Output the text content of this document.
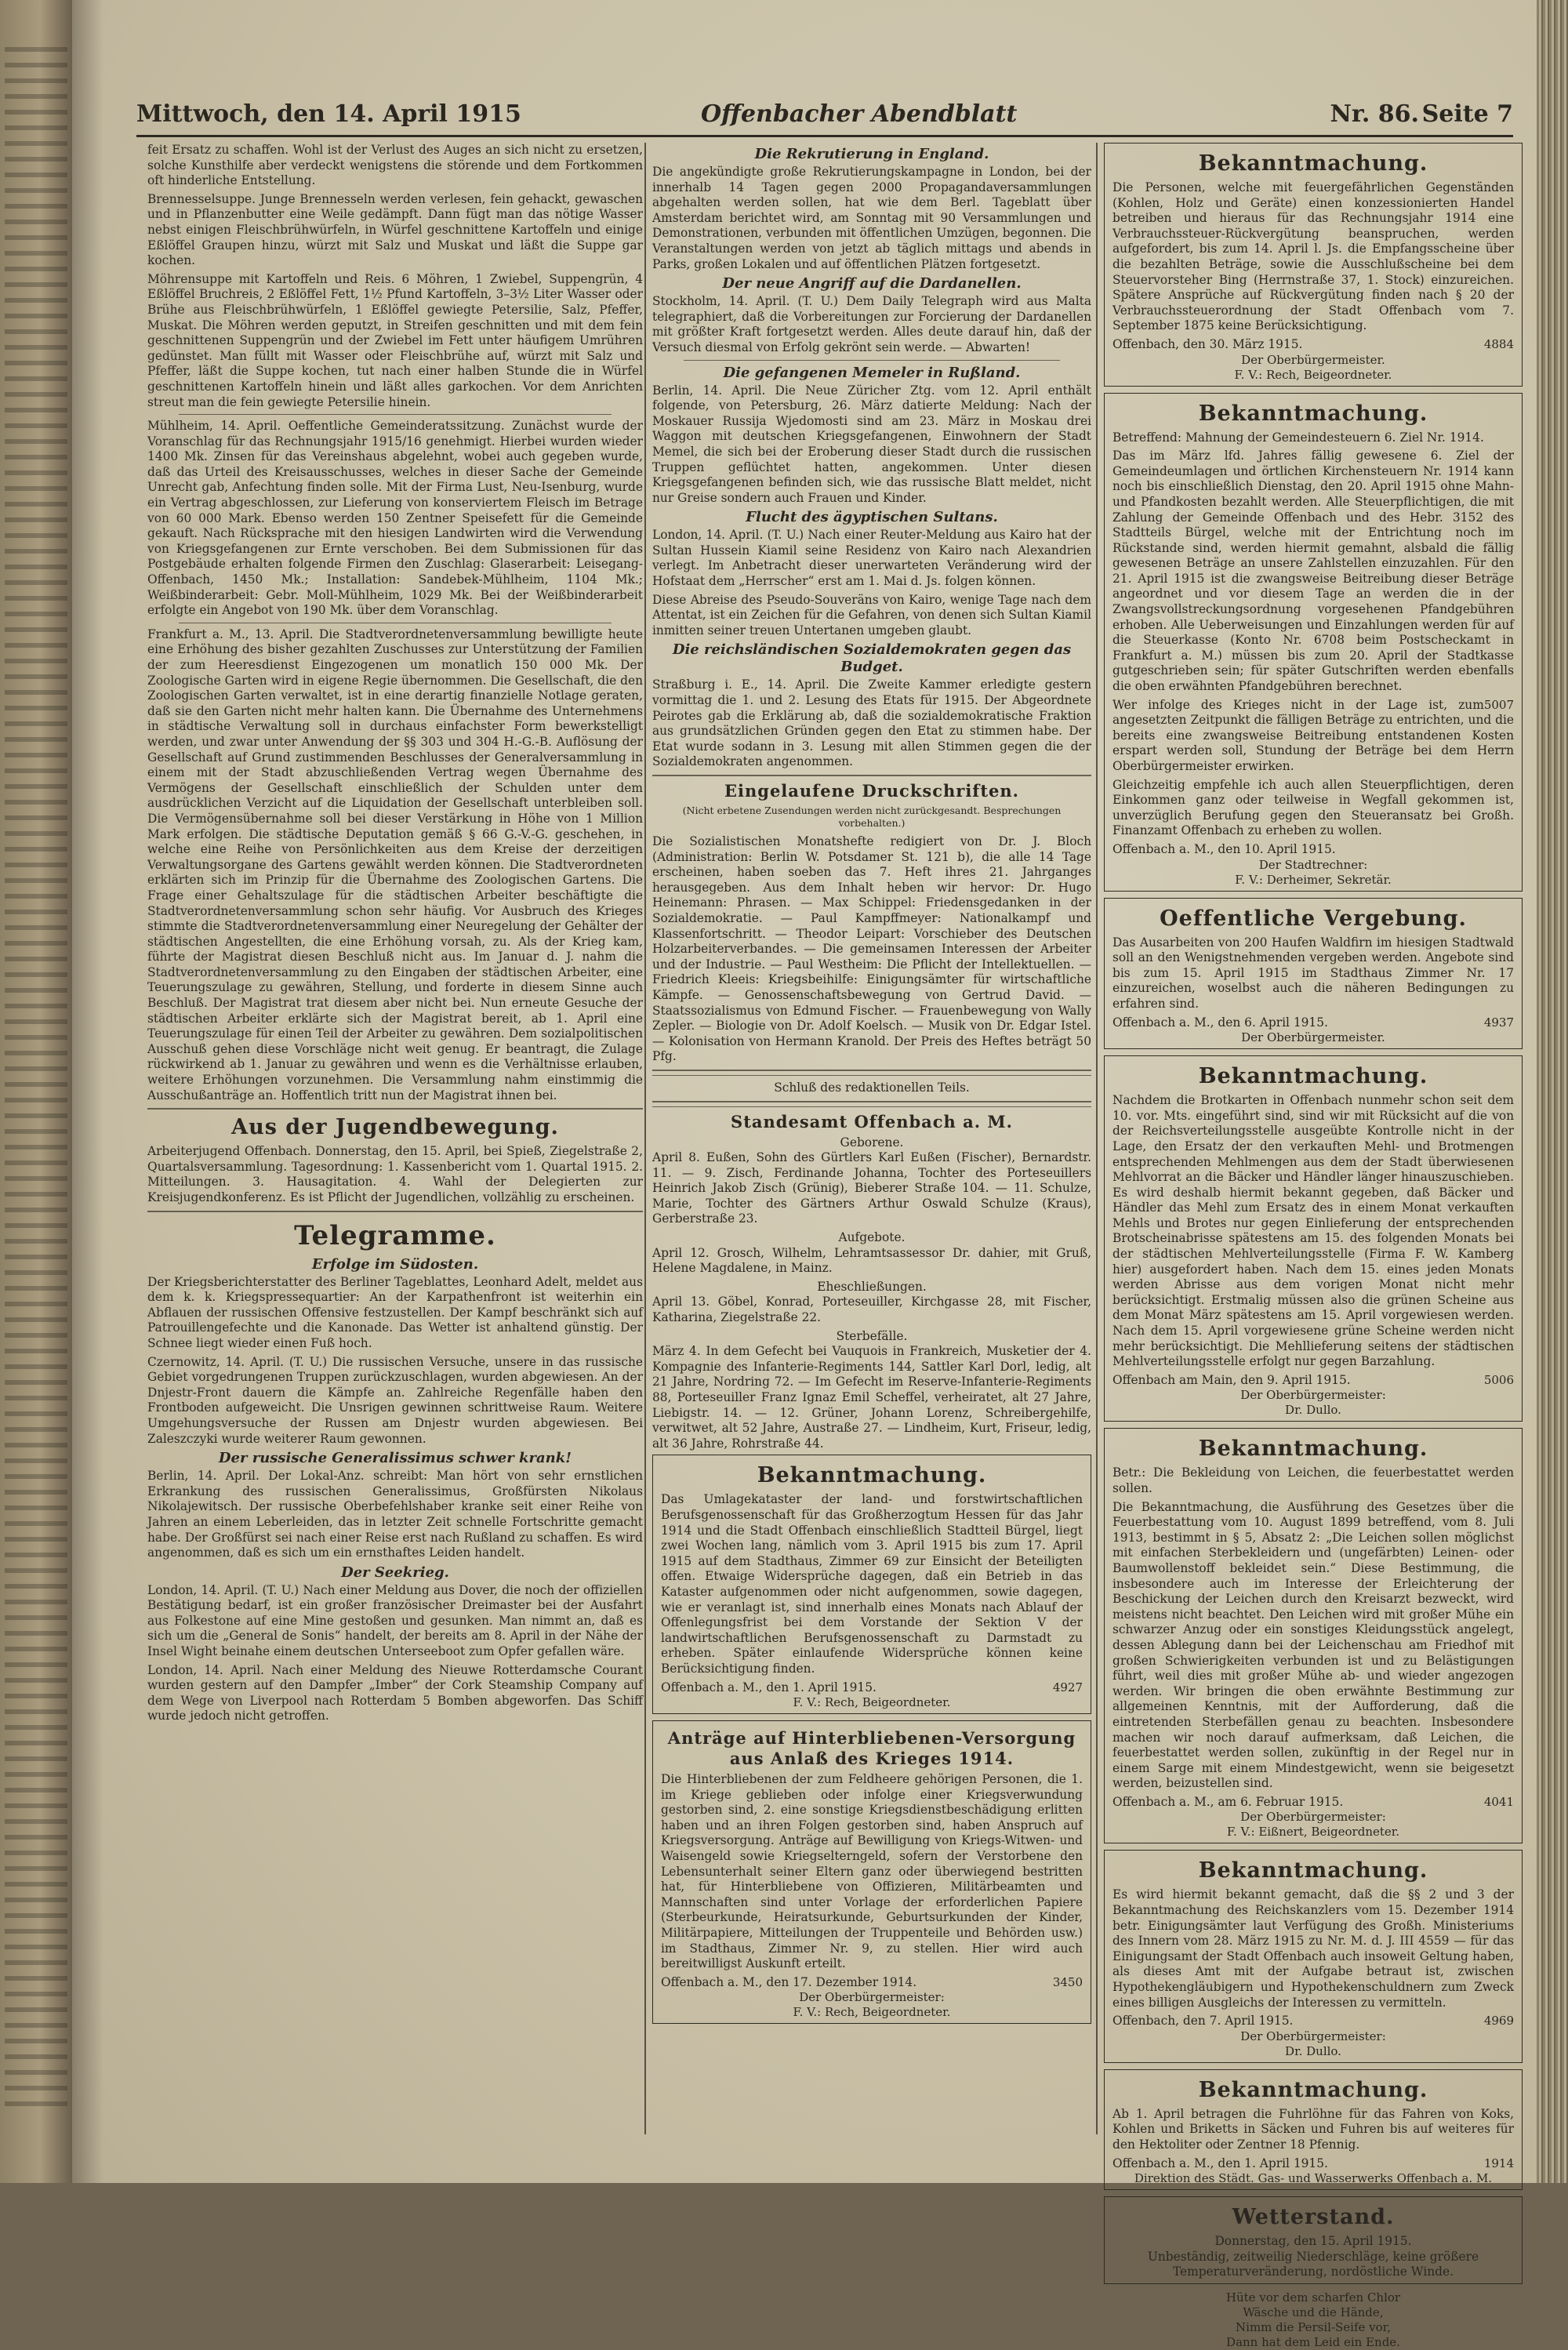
Mittwoch, den 14. April 1915	Offenbacher Abendblatt	Nr. 86. Seite 7

feit Ersatz zu schaffen. Wohl ist der Verlust des Auges an sich nicht zu ersetzen, solche Kunsthilfe aber verdeckt wenigstens die störende und dem Fortkommen oft hinderliche Entstellung.

Brennesselsuppe. Junge Brennesseln werden verlesen, fein gehackt, gewaschen und in Pflanzenbutter eine Weile gedämpft. Dann fügt man das nötige Wasser nebst einigen Fleischbrühwürfeln, in Würfel geschnittene Kartoffeln und einige Eßlöffel Graupen hinzu, würzt mit Salz und Muskat und läßt die Suppe gar kochen.

Möhrensuppe mit Kartoffeln und Reis. 6 Möhren, 1 Zwiebel, Suppengrün, 4 Eßlöffel Bruchreis, 2 Eßlöffel Fett, 1½ Pfund Kartoffeln, 3–3½ Liter Wasser oder Brühe aus Fleischbrühwürfeln, 1 Eßlöffel gewiegte Petersilie, Salz, Pfeffer, Muskat. Die Möhren werden geputzt, in Streifen geschnitten und mit dem fein geschnittenen Suppengrün und der Zwiebel im Fett unter häufigem Umrühren gedünstet. Man füllt mit Wasser oder Fleischbrühe auf, würzt mit Salz und Pfeffer, läßt die Suppe kochen, tut nach einer halben Stunde die in Würfel geschnittenen Kartoffeln hinein und läßt alles garkochen. Vor dem Anrichten streut man die fein gewiegte Petersilie hinein.

Mühlheim, 14. April. Oeffentliche Gemeinderatssitzung. Zunächst wurde der Voranschlag für das Rechnungsjahr 1915/16 genehmigt. Hierbei wurden wieder 1400 Mk. Zinsen für das Vereinshaus abgelehnt, wobei auch gegeben wurde, daß das Urteil des Kreisausschusses, welches in dieser Sache der Gemeinde Unrecht gab, Anfechtung finden solle. Mit der Firma Lust, Neu-Isenburg, wurde ein Vertrag abgeschlossen, zur Lieferung von konserviertem Fleisch im Betrage von 60 000 Mark. Ebenso werden 150 Zentner Speisefett für die Gemeinde gekauft. Nach Rücksprache mit den hiesigen Landwirten wird die Verwendung von Kriegsgefangenen zur Ernte verschoben. Bei dem Submissionen für das Postgebäude erhalten folgende Firmen den Zuschlag: Glaserarbeit: Leisegang-Offenbach, 1450 Mk.; Installation: Sandebek-Mühlheim, 1104 Mk.; Weißbinderarbeit: Gebr. Moll-Mühlheim, 1029 Mk. Bei der Weißbinderarbeit erfolgte ein Angebot von 190 Mk. über dem Voranschlag.

Frankfurt a. M., 13. April. Die Stadtverordnetenversammlung bewilligte heute eine Erhöhung des bisher gezahlten Zuschusses zur Unterstützung der Familien der zum Heeresdienst Eingezogenen um monatlich 150 000 Mk. Der Zoologische Garten wird in eigene Regie übernommen. Die Gesellschaft, die den Zoologischen Garten verwaltet, ist in eine derartig finanzielle Notlage geraten, daß sie den Garten nicht mehr halten kann. Die Übernahme des Unternehmens in städtische Verwaltung soll in durchaus einfachster Form bewerkstelligt werden, und zwar unter Anwendung der §§ 303 und 304 H.-G.-B. Auflösung der Gesellschaft auf Grund zustimmenden Beschlusses der Generalversammlung in einem mit der Stadt abzuschließenden Vertrag wegen Übernahme des Vermögens der Gesellschaft einschließlich der Schulden unter dem ausdrücklichen Verzicht auf die Liquidation der Gesellschaft unterbleiben soll. Die Vermögensübernahme soll bei dieser Verstärkung in Höhe von 1 Million Mark erfolgen. Die städtische Deputation gemäß § 66 G.-V.-G. geschehen, in welche eine Reihe von Persönlichkeiten aus dem Kreise der derzeitigen Verwaltungsorgane des Gartens gewählt werden können. Die Stadtverordneten erklärten sich im Prinzip für die Übernahme des Zoologischen Gartens. Die Frage einer Gehaltszulage für die städtischen Arbeiter beschäftigte die Stadtverordnetenversammlung schon sehr häufig. Vor Ausbruch des Krieges stimmte die Stadtverordnetenversammlung einer Neuregelung der Gehälter der städtischen Angestellten, die eine Erhöhung vorsah, zu. Als der Krieg kam, führte der Magistrat diesen Beschluß nicht aus. Im Januar d. J. nahm die Stadtverordnetenversammlung zu den Eingaben der städtischen Arbeiter, eine Teuerungszulage zu gewähren, Stellung, und forderte in diesem Sinne auch Beschluß. Der Magistrat trat diesem aber nicht bei. Nun erneute Gesuche der städtischen Arbeiter erklärte sich der Magistrat bereit, ab 1. April eine Teuerungszulage für einen Teil der Arbeiter zu gewähren. Dem sozialpolitischen Ausschuß gehen diese Vorschläge nicht weit genug. Er beantragt, die Zulage rückwirkend ab 1. Januar zu gewähren und wenn es die Verhältnisse erlauben, weitere Erhöhungen vorzunehmen. Die Versammlung nahm einstimmig die Ausschußanträge an. Hoffentlich tritt nun der Magistrat ihnen bei.

Aus der Jugendbewegung.

Arbeiterjugend Offenbach. Donnerstag, den 15. April, bei Spieß, Ziegelstraße 2, Quartalsversammlung. Tagesordnung: 1. Kassenbericht vom 1. Quartal 1915. 2. Mitteilungen. 3. Hausagitation. 4. Wahl der Delegierten zur Kreisjugendkonferenz. Es ist Pflicht der Jugendlichen, vollzählig zu erscheinen.

Telegramme.
Erfolge im Südosten.

Der Kriegsberichterstatter des Berliner Tageblattes, Leonhard Adelt, meldet aus dem k. k. Kriegspressequartier: An der Karpathenfront ist weiterhin ein Abflauen der russischen Offensive festzustellen. Der Kampf beschränkt sich auf Patrouillengefechte und die Kanonade. Das Wetter ist anhaltend günstig. Der Schnee liegt wieder einen Fuß hoch.

Czernowitz, 14. April. (T. U.) Die russischen Versuche, unsere in das russische Gebiet vorgedrungenen Truppen zurückzuschlagen, wurden abgewiesen. An der Dnjestr-Front dauern die Kämpfe an. Zahlreiche Regenfälle haben den Frontboden aufgeweicht. Die Unsrigen gewinnen schrittweise Raum. Weitere Umgehungsversuche der Russen am Dnjestr wurden abgewiesen. Bei Zaleszczyki wurde weiterer Raum gewonnen.

Der russische Generalissimus schwer krank!

Berlin, 14. April. Der Lokal-Anz. schreibt: Man hört von sehr ernstlichen Erkrankung des russischen Generalissimus, Großfürsten Nikolaus Nikolajewitsch. Der russische Oberbefehlshaber kranke seit einer Reihe von Jahren an einem Leberleiden, das in letzter Zeit schnelle Fortschritte gemacht habe. Der Großfürst sei nach einer Reise erst nach Rußland zu schaffen. Es wird angenommen, daß es sich um ein ernsthaftes Leiden handelt.

Der Seekrieg.

London, 14. April. (T. U.) Nach einer Meldung aus Dover, die noch der offiziellen Bestätigung bedarf, ist ein großer französischer Dreimaster bei der Ausfahrt aus Folkestone auf eine Mine gestoßen und gesunken. Man nimmt an, daß es sich um die „General de Sonis“ handelt, der bereits am 8. April in der Nähe der Insel Wight beinahe einem deutschen Unterseeboot zum Opfer gefallen wäre.

London, 14. April. Nach einer Meldung des Nieuwe Rotterdamsche Courant wurden gestern auf den Dampfer „Imber“ der Cork Steamship Company auf dem Wege von Liverpool nach Rotterdam 5 Bomben abgeworfen. Das Schiff wurde jedoch nicht getroffen.

Die Rekrutierung in England.

Die angekündigte große Rekrutierungskampagne in London, bei der innerhalb 14 Tagen gegen 2000 Propagandaversammlungen abgehalten werden sollen, hat wie dem Berl. Tageblatt über Amsterdam berichtet wird, am Sonntag mit 90 Versammlungen und Demonstrationen, verbunden mit öffentlichen Umzügen, begonnen. Die Veranstaltungen werden von jetzt ab täglich mittags und abends in Parks, großen Lokalen und auf öffentlichen Plätzen fortgesetzt.

Der neue Angriff auf die Dardanellen.

Stockholm, 14. April. (T. U.) Dem Daily Telegraph wird aus Malta telegraphiert, daß die Vorbereitungen zur Forcierung der Dardanellen mit größter Kraft fortgesetzt werden. Alles deute darauf hin, daß der Versuch diesmal von Erfolg gekrönt sein werde. — Abwarten!

Die gefangenen Memeler in Rußland.

Berlin, 14. April. Die Neue Züricher Ztg. vom 12. April enthält folgende, von Petersburg, 26. März datierte Meldung: Nach der Moskauer Russija Wjedomosti sind am 23. März in Moskau drei Waggon mit deutschen Kriegsgefangenen, Einwohnern der Stadt Memel, die sich bei der Eroberung dieser Stadt durch die russischen Truppen geflüchtet hatten, angekommen. Unter diesen Kriegsgefangenen befinden sich, wie das russische Blatt meldet, nicht nur Greise sondern auch Frauen und Kinder.

Flucht des ägyptischen Sultans.

London, 14. April. (T. U.) Nach einer Reuter-Meldung aus Kairo hat der Sultan Hussein Kiamil seine Residenz von Kairo nach Alexandrien verlegt. Im Anbetracht dieser unerwarteten Veränderung wird der Hofstaat dem „Herrscher“ erst am 1. Mai d. Js. folgen können.

Diese Abreise des Pseudo-Souveräns von Kairo, wenige Tage nach dem Attentat, ist ein Zeichen für die Gefahren, von denen sich Sultan Kiamil inmitten seiner treuen Untertanen umgeben glaubt.

Die reichsländischen Sozialdemokraten gegen das Budget.

Straßburg i. E., 14. April. Die Zweite Kammer erledigte gestern vormittag die 1. und 2. Lesung des Etats für 1915. Der Abgeordnete Peirotes gab die Erklärung ab, daß die sozialdemokratische Fraktion aus grundsätzlichen Gründen gegen den Etat zu stimmen habe. Der Etat wurde sodann in 3. Lesung mit allen Stimmen gegen die der Sozialdemokraten angenommen.

Eingelaufene Druckschriften.

(Nicht erbetene Zusendungen werden nicht zurückgesandt. Besprechungen vorbehalten.)

Die Sozialistischen Monatshefte redigiert von Dr. J. Bloch (Administration: Berlin W. Potsdamer St. 121 b), die alle 14 Tage erscheinen, haben soeben das 7. Heft ihres 21. Jahrganges herausgegeben. Aus dem Inhalt heben wir hervor: Dr. Hugo Heinemann: Phrasen. — Max Schippel: Friedensgedanken in der Sozialdemokratie. — Paul Kampffmeyer: Nationalkampf und Klassenfortschritt. — Theodor Leipart: Vorschieber des Deutschen Holzarbeiterverbandes. — Die gemeinsamen Interessen der Arbeiter und der Industrie. — Paul Westheim: Die Pflicht der Intellektuellen. — Friedrich Kleeis: Kriegsbeihilfe: Einigungsämter für wirtschaftliche Kämpfe. — Genossenschaftsbewegung von Gertrud David. — Staatssozialismus von Edmund Fischer. — Frauenbewegung von Wally Zepler. — Biologie von Dr. Adolf Koelsch. — Musik von Dr. Edgar Istel. — Kolonisation von Hermann Kranold. Der Preis des Heftes beträgt 50 Pfg.

Schluß des redaktionellen Teils.

Standesamt Offenbach a. M.

Geborene.

April 8. Eußen, Sohn des Gürtlers Karl Eußen (Fischer), Bernardstr. 11. — 9. Zisch, Ferdinande Johanna, Tochter des Porteseuillers Heinrich Jakob Zisch (Grünig), Bieberer Straße 104. — 11. Schulze, Marie, Tochter des Gärtners Arthur Oswald Schulze (Kraus), Gerberstraße 23.

Aufgebote.

April 12. Grosch, Wilhelm, Lehramtsassessor Dr. dahier, mit Gruß, Helene Magdalene, in Mainz.

Eheschließungen.

April 13. Göbel, Konrad, Porteseuiller, Kirchgasse 28, mit Fischer, Katharina, Ziegelstraße 22.

Sterbefälle.

März 4. In dem Gefecht bei Vauquois in Frankreich, Musketier der 4. Kompagnie des Infanterie-Regiments 144, Sattler Karl Dorl, ledig, alt 21 Jahre, Nordring 72. — Im Gefecht im Reserve-Infanterie-Regiments 88, Porteseuiller Franz Ignaz Emil Scheffel, verheiratet, alt 27 Jahre, Liebigstr. 14. — 12. Grüner, Johann Lorenz, Schreibergehilfe, verwitwet, alt 52 Jahre, Austraße 27. — Lindheim, Kurt, Friseur, ledig, alt 36 Jahre, Rohrstraße 44.

Bekanntmachung.

Das Umlagekataster der land- und forstwirtschaftlichen Berufsgenossenschaft für das Großherzogtum Hessen für das Jahr 1914 und die Stadt Offenbach einschließlich Stadtteil Bürgel, liegt zwei Wochen lang, nämlich vom 3. April 1915 bis zum 17. April 1915 auf dem Stadthaus, Zimmer 69 zur Einsicht der Beteiligten offen. Etwaige Widersprüche dagegen, daß ein Betrieb in das Kataster aufgenommen oder nicht aufgenommen, sowie dagegen, wie er veranlagt ist, sind innerhalb eines Monats nach Ablauf der Offenlegungsfrist bei dem Vorstande der Sektion V der landwirtschaftlichen Berufsgenossenschaft zu Darmstadt zu erheben. Später einlaufende Widersprüche können keine Berücksichtigung finden.

Offenbach a. M., den 1. April 1915.	4927

F. V.: Rech, Beigeordneter.

Anträge auf Hinterbliebenen-Versorgung aus Anlaß des Krieges 1914.

Die Hinterbliebenen der zum Feldheere gehörigen Personen, die 1. im Kriege geblieben oder infolge einer Kriegsverwundung gestorben sind, 2. eine sonstige Kriegsdienstbeschädigung erlitten haben und an ihren Folgen gestorben sind, haben Anspruch auf Kriegsversorgung. Anträge auf Bewilligung von Kriegs-Witwen- und Waisengeld sowie Kriegselterngeld, sofern der Verstorbene den Lebensunterhalt seiner Eltern ganz oder überwiegend bestritten hat, für Hinterbliebene von Offizieren, Militärbeamten und Mannschaften sind unter Vorlage der erforderlichen Papiere (Sterbeurkunde, Heiratsurkunde, Geburtsurkunden der Kinder, Militärpapiere, Mitteilungen der Truppenteile und Behörden usw.) im Stadthaus, Zimmer Nr. 9, zu stellen. Hier wird auch bereitwilligst Auskunft erteilt.

3450

Offenbach a. M., den 17. Dezember 1914.

Der Oberbürgermeister:

F. V.: Rech, Beigeordneter.

Bekanntmachung.

Die Personen, welche mit feuergefährlichen Gegenständen (Kohlen, Holz und Geräte) einen konzessionierten Handel betreiben und hieraus für das Rechnungsjahr 1914 eine Verbrauchssteuer-Rückvergütung beanspruchen, werden aufgefordert, bis zum 14. April l. Js. die Empfangsscheine über die bezahlten Beträge, sowie die Ausschlußscheine bei dem Steuervorsteher Bing (Herrnstraße 37, 1. Stock) einzureichen. Spätere Ansprüche auf Rückvergütung finden nach § 20 der Verbrauchssteuerordnung der Stadt Offenbach vom 7. September 1875 keine Berücksichtigung.

Offenbach, den 30. März 1915.	4884

Der Oberbürgermeister.

F. V.: Rech, Beigeordneter.

Bekanntmachung.

Betreffend: Mahnung der Gemeindesteuern 6. Ziel Nr. 1914.

Das im März lfd. Jahres fällig gewesene 6. Ziel der Gemeindeumlagen und örtlichen Kirchensteuern Nr. 1914 kann noch bis einschließlich Dienstag, den 20. April 1915 ohne Mahn- und Pfandkosten bezahlt werden. Alle Steuerpflichtigen, die mit Zahlung der Gemeinde Offenbach und des Hebr. 3152 des Stadtteils Bürgel, welche mit der Entrichtung noch im Rückstande sind, werden hiermit gemahnt, alsbald die fällig gewesenen Beträge an unsere Zahlstellen einzuzahlen. Für den 21. April 1915 ist die zwangsweise Beitreibung dieser Beträge angeordnet und vor diesem Tage an werden die in der Zwangsvollstreckungsordnung vorgesehenen Pfandgebühren erhoben. Alle Ueberweisungen und Einzahlungen werden für auf die Steuerkasse (Konto Nr. 6708 beim Postscheckamt in Frankfurt a. M.) müssen bis zum 20. April der Stadtkasse gutgeschrieben sein; für später Gutschriften werden ebenfalls die oben erwähnten Pfandgebühren berechnet.

5007

Wer infolge des Krieges nicht in der Lage ist, zum angesetzten Zeitpunkt die fälligen Beträge zu entrichten, und die bereits eine zwangsweise Beitreibung entstandenen Kosten erspart werden soll, Stundung der Beträge bei dem Herrn Oberbürgermeister erwirken.

Gleichzeitig empfehle ich auch allen Steuerpflichtigen, deren Einkommen ganz oder teilweise in Wegfall gekommen ist, unverzüglich Berufung gegen den Steueransatz bei Großh. Finanzamt Offenbach zu erheben zu wollen.

Offenbach a. M., den 10. April 1915.

Der Stadtrechner:

F. V.: Derheimer, Sekretär.

Oeffentliche Vergebung.

Das Ausarbeiten von 200 Haufen Waldfirn im hiesigen Stadtwald soll an den Wenigstnehmenden vergeben werden. Angebote sind bis zum 15. April 1915 im Stadthaus Zimmer Nr. 17 einzureichen, woselbst auch die näheren Bedingungen zu erfahren sind.

Offenbach a. M., den 6. April 1915.	4937

Der Oberbürgermeister.

Bekanntmachung.

Nachdem die Brotkarten in Offenbach nunmehr schon seit dem 10. vor. Mts. eingeführt sind, sind wir mit Rücksicht auf die von der Reichsverteilungsstelle ausgeübte Kontrolle nicht in der Lage, den Ersatz der den verkauften Mehl- und Brotmengen entsprechenden Mehlmengen aus dem der Stadt überwiesenen Mehlvorrat an die Bäcker und Händler länger hinauszuschieben. Es wird deshalb hiermit bekannt gegeben, daß Bäcker und Händler das Mehl zum Ersatz des in einem Monat verkauften Mehls und Brotes nur gegen Einlieferung der entsprechenden Brotscheinabrisse spätestens am 15. des folgenden Monats bei der städtischen Mehlverteilungsstelle (Firma F. W. Kamberg hier) ausgefordert haben. Nach dem 15. eines jeden Monats werden Abrisse aus dem vorigen Monat nicht mehr berücksichtigt. Erstmalig müssen also die grünen Scheine aus dem Monat März spätestens am 15. April vorgewiesen werden. Nach dem 15. April vorgewiesene grüne Scheine werden nicht mehr berücksichtigt. Die Mehllieferung seitens der städtischen Mehlverteilungsstelle erfolgt nur gegen Barzahlung.

Offenbach am Main, den 9. April 1915.	5006

Der Oberbürgermeister:

Dr. Dullo.

Bekanntmachung.

Betr.: Die Bekleidung von Leichen, die feuerbestattet werden sollen.

Die Bekanntmachung, die Ausführung des Gesetzes über die Feuerbestattung vom 10. August 1899 betreffend, vom 8. Juli 1913, bestimmt in § 5, Absatz 2: „Die Leichen sollen möglichst mit einfachen Sterbekleidern und (ungefärbten) Leinen- oder Baumwollenstoff bekleidet sein.“ Diese Bestimmung, die insbesondere auch im Interesse der Erleichterung der Beschickung der Leichen durch den Kreisarzt bezweckt, wird meistens nicht beachtet. Den Leichen wird mit großer Mühe ein schwarzer Anzug oder ein sonstiges Kleidungsstück angelegt, dessen Ablegung dann bei der Leichenschau am Friedhof mit großen Schwierigkeiten verbunden ist und zu Belästigungen führt, weil dies mit großer Mühe ab- und wieder angezogen werden. Wir bringen die oben erwähnte Bestimmung zur allgemeinen Kenntnis, mit der Aufforderung, daß die eintretenden Sterbefällen genau zu beachten. Insbesondere machen wir noch darauf aufmerksam, daß Leichen, die feuerbestattet werden sollen, zukünftig in der Regel nur in einem Sarge mit einem Mindestgewicht, wenn sie beigesetzt werden, beizustellen sind.

Offenbach a. M., am 6. Februar 1915.	4041

Der Oberbürgermeister:

F. V.: Eißnert, Beigeordneter.

Bekanntmachung.

Es wird hiermit bekannt gemacht, daß die §§ 2 und 3 der Bekanntmachung des Reichskanzlers vom 15. Dezember 1914 betr. Einigungsämter laut Verfügung des Großh. Ministeriums des Innern vom 28. März 1915 zu Nr. M. d. J. III 4559 — für das Einigungsamt der Stadt Offenbach auch insoweit Geltung haben, als dieses Amt mit der Aufgabe betraut ist, zwischen Hypothekengläubigern und Hypothekenschuldnern zum Zweck eines billigen Ausgleichs der Interessen zu vermitteln.

Offenbach, den 7. April 1915.	4969

Der Oberbürgermeister:

Dr. Dullo.

Bekanntmachung.

Ab 1. April betragen die Fuhrlöhne für das Fahren von Koks, Kohlen und Briketts in Säcken und Fuhren bis auf weiteres für den Hektoliter oder Zentner 18 Pfennig.

Offenbach a. M., den 1. April 1915.	1914

Direktion des Städt. Gas- und Wasserwerks Offenbach a. M.

Wetterstand.

Donnerstag, den 15. April 1915.

Unbeständig, zeitweilig Niederschläge, keine größere

Temperaturveränderung, nordöstliche Winde.

Hüte vor dem scharfen Chlor

Wäsche und die Hände,

Nimm die Persil-Seife vor,

Dann hat dem Leid ein Ende.
